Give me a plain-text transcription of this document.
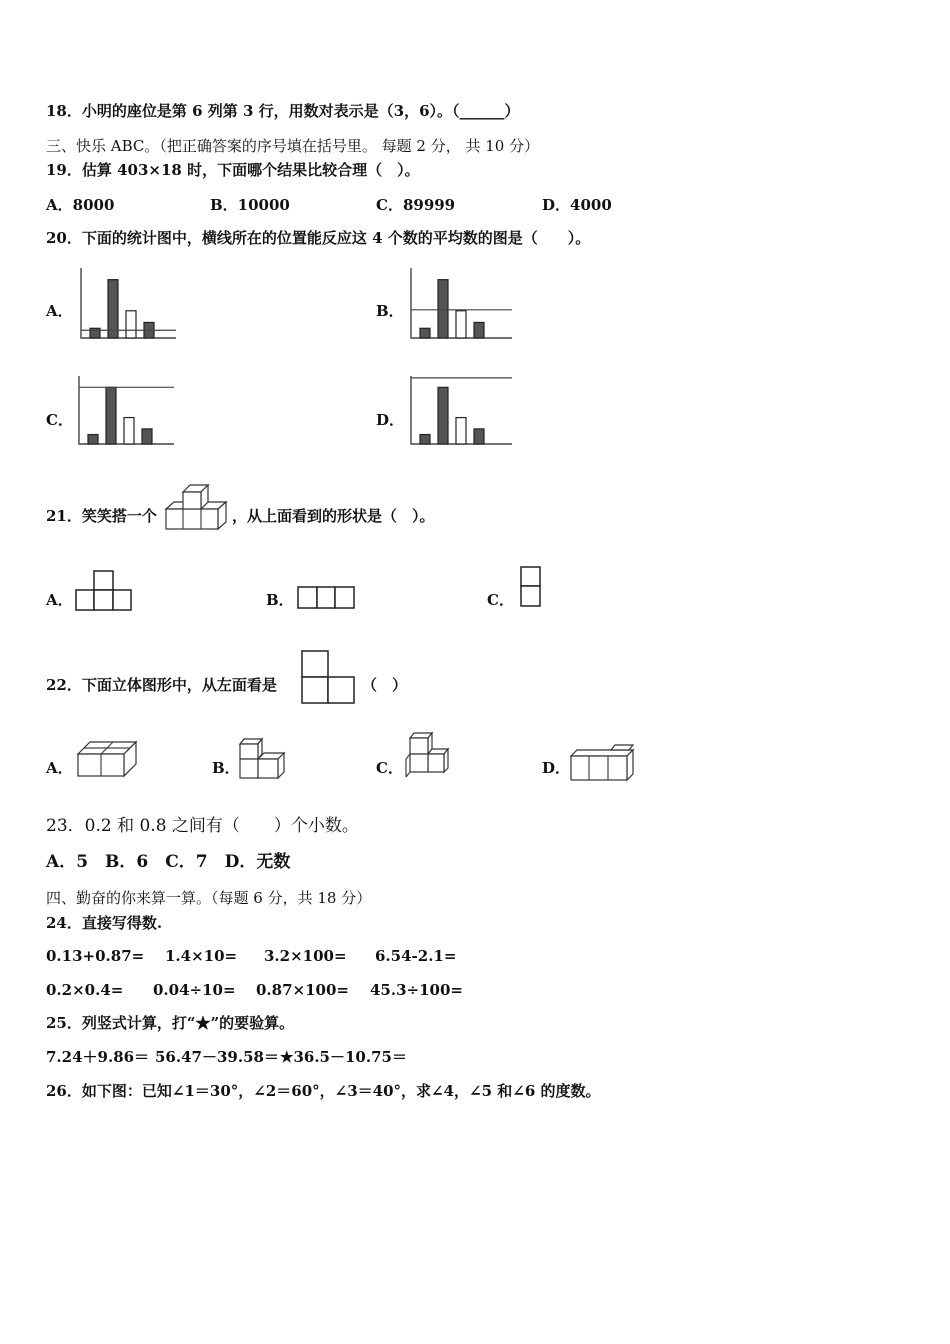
18．小明的座位是第 6 列第 3 行，用数对表示是（3，6）。（______）
三、快乐 ABC。（把正确答案的序号填在括号里。 每题 2 分， 共 10 分）
19．估算 403×18 时，下面哪个结果比较合理（　）。
A．8000	B．10000	C．89999	D．4000
20．下面的统计图中，横线所在的位置能反应这 4 个数的平均数的图是（　　）。
A．	B．
C．	D．
21．笑笑搭一个	，从上面看到的形状是（　）。
A．	B．	C．
22．下面立体图形中，从左面看是	（　）
A．	B．	C．	D．
23．0.2 和 0.8 之间有（　　）个小数。
A．5　B．6　C．7　D．无数
四、勤奋的你来算一算。（每题 6 分，共 18 分）
24．直接写得数.
0.13+0.87= 1.4×10= 3.2×100= 6.54-2.1=
0.2×0.4= 0.04÷10= 0.87×100= 45.3÷100=
25．列竖式计算，打“★”的要验算。
7.24＋9.86＝ 56.47－39.58＝ ★36.5－10.75＝
26．如下图：已知∠1＝30°，∠2＝60°，∠3＝40°，求∠4，∠5 和∠6 的度数。
